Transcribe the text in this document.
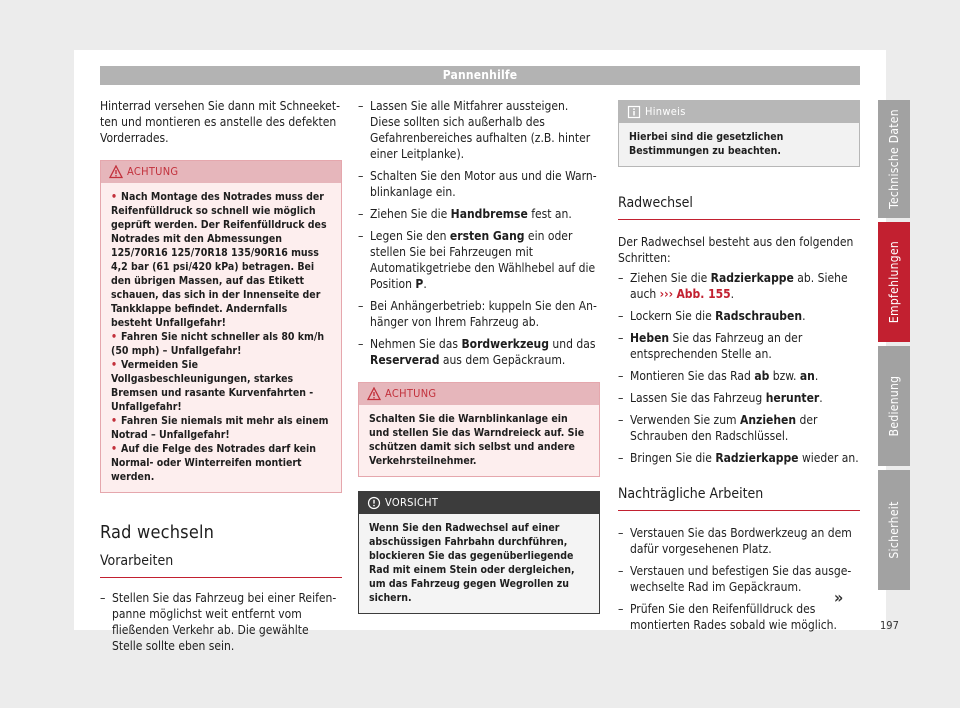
Pannenhilfe

Hinterrad versehen Sie dann mit Schneeketten und montieren es anstelle des defekten Vorderrades.

ACHTUNG
• Nach Montage des Notrades muss der Reifenfülldruck so schnell wie möglich geprüft werden. Der Reifenfülldruck des Notrades mit den Abmessungen 125/70R16 125/70R18 135/90R16 muss 4,2 bar (61 psi/420 kPa) betragen. Bei den übrigen Massen, auf das Etikett schauen, das sich in der Innenseite der Tankklappe befindet. Andernfalls besteht Unfallgefahr!
• Fahren Sie nicht schneller als 80 km/h (50 mph) – Unfallgefahr!
• Vermeiden Sie Vollgasbeschleunigungen, starkes Bremsen und rasante Kurvenfahrten - Unfallgefahr!
• Fahren Sie niemals mit mehr als einem Notrad – Unfallgefahr!
• Auf die Felge des Notrades darf kein Normal- oder Winterreifen montiert werden.
Rad wechseln
Vorarbeiten
– Stellen Sie das Fahrzeug bei einer Reifenpanne möglichst weit entfernt vom fließenden Verkehr ab. Die gewählte Stelle sollte eben sein.
– Lassen Sie alle Mitfahrer aussteigen. Diese sollten sich außerhalb des Gefahrenbereiches aufhalten (z.B. hinter einer Leitplanke).
– Schalten Sie den Motor aus und die Warnblinkanlage ein.
– Ziehen Sie die Handbremse fest an.
– Legen Sie den ersten Gang ein oder stellen Sie bei Fahrzeugen mit Automatikgetriebe den Wählhebel auf die Position P.
– Bei Anhängerbetrieb: kuppeln Sie den Anhänger von Ihrem Fahrzeug ab.
– Nehmen Sie das Bordwerkzeug und das Reserverad aus dem Gepäckraum.
ACHTUNG
Schalten Sie die Warnblinkanlage ein und stellen Sie das Warndreieck auf. Sie schützen damit sich selbst und andere Verkehrsteilnehmer.
VORSICHT
Wenn Sie den Radwechsel auf einer abschüssigen Fahrbahn durchführen, blockieren Sie das gegenüberliegende Rad mit einem Stein oder dergleichen, um das Fahrzeug gegen Wegrollen zu sichern.
Hinweis
Hierbei sind die gesetzlichen Bestimmungen zu beachten.
Radwechsel

Der Radwechsel besteht aus den folgenden Schritten:

– Ziehen Sie die Radzierkappe ab. Siehe auch ››› Abb. 155.
– Lockern Sie die Radschrauben.
– Heben Sie das Fahrzeug an der entsprechenden Stelle an.
– Montieren Sie das Rad ab bzw. an.
– Lassen Sie das Fahrzeug herunter.
– Verwenden Sie zum Anziehen der Schrauben den Radschlüssel.
– Bringen Sie die Radzierkappe wieder an.
Nachträgliche Arbeiten
– Verstauen Sie das Bordwerkzeug an dem dafür vorgesehenen Platz.
– Verstauen und befestigen Sie das ausgewechselte Rad im Gepäckraum.
– Prüfen Sie den Reifenfülldruck des montierten Rades sobald wie möglich.
»
Technische Daten
Empfehlungen
Bedienung
Sicherheit
197
